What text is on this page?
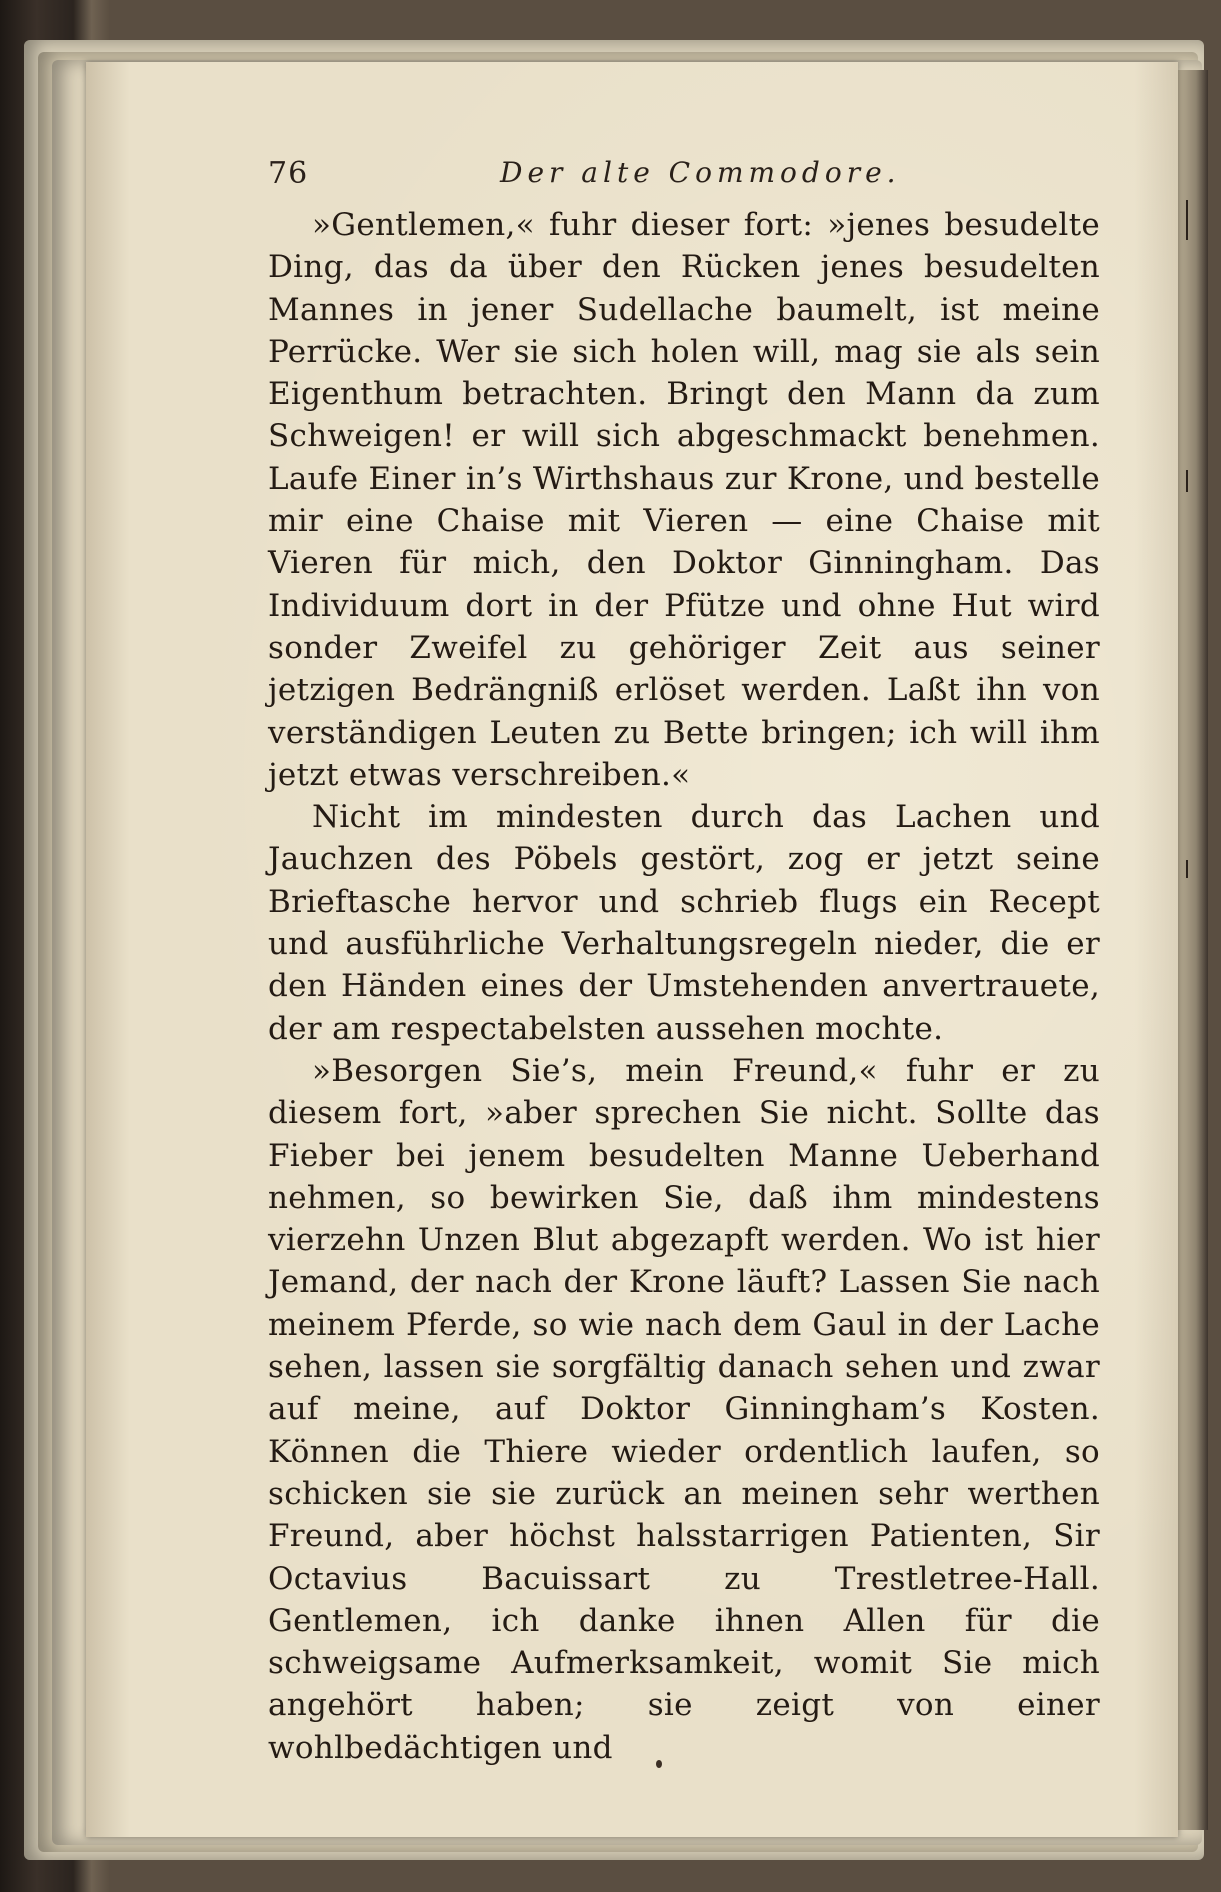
76	Der alte Commodore.

»Gentlemen,« fuhr dieser fort: »jenes besudelte Ding, das da über den Rücken jenes besudelten Mannes in jener Sudellache baumelt, ist meine Perrücke. Wer sie sich holen will, mag sie als sein Eigenthum betrachten. Bringt den Mann da zum Schweigen! er will sich abgeschmackt benehmen. Laufe Einer in’s Wirthshaus zur Krone, und bestelle mir eine Chaise mit Vieren — eine Chaise mit Vieren für mich, den Doktor Ginningham. Das Individuum dort in der Pfütze und ohne Hut wird sonder Zweifel zu gehöriger Zeit aus seiner jetzigen Bedrängniß erlöset werden. Laßt ihn von verständigen Leuten zu Bette bringen; ich will ihm jetzt etwas verschreiben.«

Nicht im mindesten durch das Lachen und Jauchzen des Pöbels gestört, zog er jetzt seine Brieftasche hervor und schrieb flugs ein Recept und ausführliche Verhaltungsregeln nieder, die er den Händen eines der Umstehenden anvertrauete, der am respectabelsten aussehen mochte.

»Besorgen Sie’s, mein Freund,« fuhr er zu diesem fort, »aber sprechen Sie nicht. Sollte das Fieber bei jenem besudelten Manne Ueberhand nehmen, so bewirken Sie, daß ihm mindestens vierzehn Unzen Blut abgezapft werden. Wo ist hier Jemand, der nach der Krone läuft? Lassen Sie nach meinem Pferde, so wie nach dem Gaul in der Lache sehen, lassen sie sorgfältig danach sehen und zwar auf meine, auf Doktor Ginningham’s Kosten. Können die Thiere wieder ordentlich laufen, so schicken sie sie zurück an meinen sehr werthen Freund, aber höchst halsstarrigen Patienten, Sir Octavius Bacuissart zu Trestletree-Hall. Gentlemen, ich danke ihnen Allen für die schweigsame Aufmerksamkeit, womit Sie mich angehört haben; sie zeigt von einer wohlbedächtigen und
